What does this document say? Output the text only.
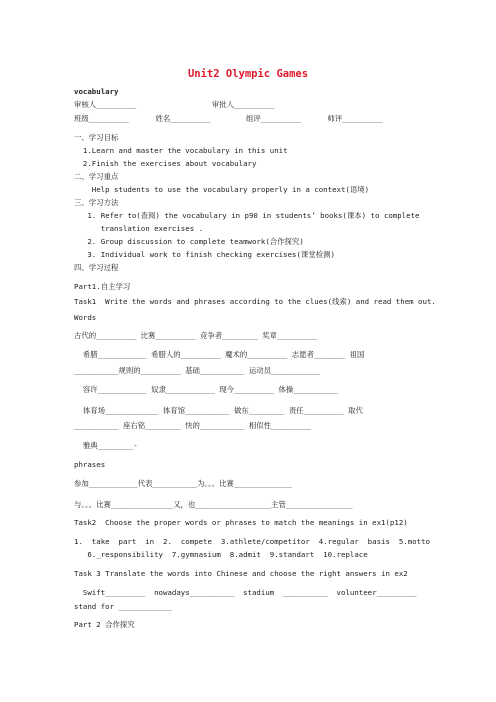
Unit2 Olympic Games
vocabulary
审核人_________                 审批人_________
班级_________      姓名_________        组评_________      师评_________
一、学习目标
1.Learn and master the vocabulary in this unit
2.Finish the exercises about vocabulary
二、学习重点
Help students to use the vocabulary properly in a context(语境)
三、学习方法
1. Refer to(查阅) the vocabulary in p90 in students’ books(课本) to complete
translation exercises .
2. Group discussion to complete teamwork(合作探究)
3. Individual work to finish checking exercises(课堂检测)
四、学习过程
Part1.自主学习
Task1  Write the words and phrases according to the clues(线索) and read them out.
Words
古代的_________ 比赛_________ 竞争者________ 奖章_________
希腊___________ 希腊人的_________ 魔术的_________ 志愿者_______ 祖国
__________规则的_________ 基础__________ 运动员___________
容许___________ 奴隶___________ 现今_________ 体操__________
体育场____________ 体育馆__________ 做东________ 责任_________ 取代
__________ 座右铭________ 快的__________ 相似性_________
雅典________-
phrases
参加___________代表__________为。。。比赛_____________
与。。。比赛______________又，也_________________主管_______________
Task2  Choose the proper words or phrases to match the meanings in ex1(p12)
1.  take  part  in  2.  compete  3.athlete/competitor  4.regular  basis  5.motto
6._responsibility  7.gymnasium  8.admit  9.standart  10.replace
Task 3 Translate the words into Chinese and choose the right answers in ex2
Swift_________  nowadays__________  stadium  __________  volunteer_________
stand for ____________
Part 2 合作探究
